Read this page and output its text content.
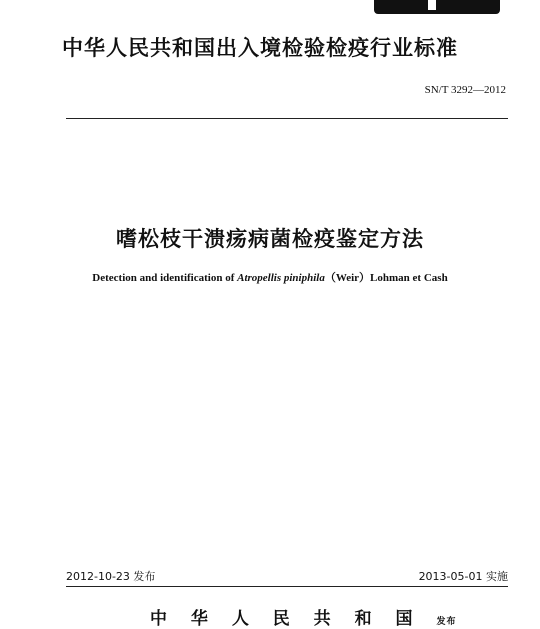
中华人民共和国出入境检验检疫行业标准
SN/T 3292—2012
嗜松枝干溃疡病菌检疫鉴定方法
Detection and identification of Atropellis piniphila（Weir）Lohman et Cash
2012-10-23 发布	2013-05-01 实施
中 华 人 民 共 和 国 发布
